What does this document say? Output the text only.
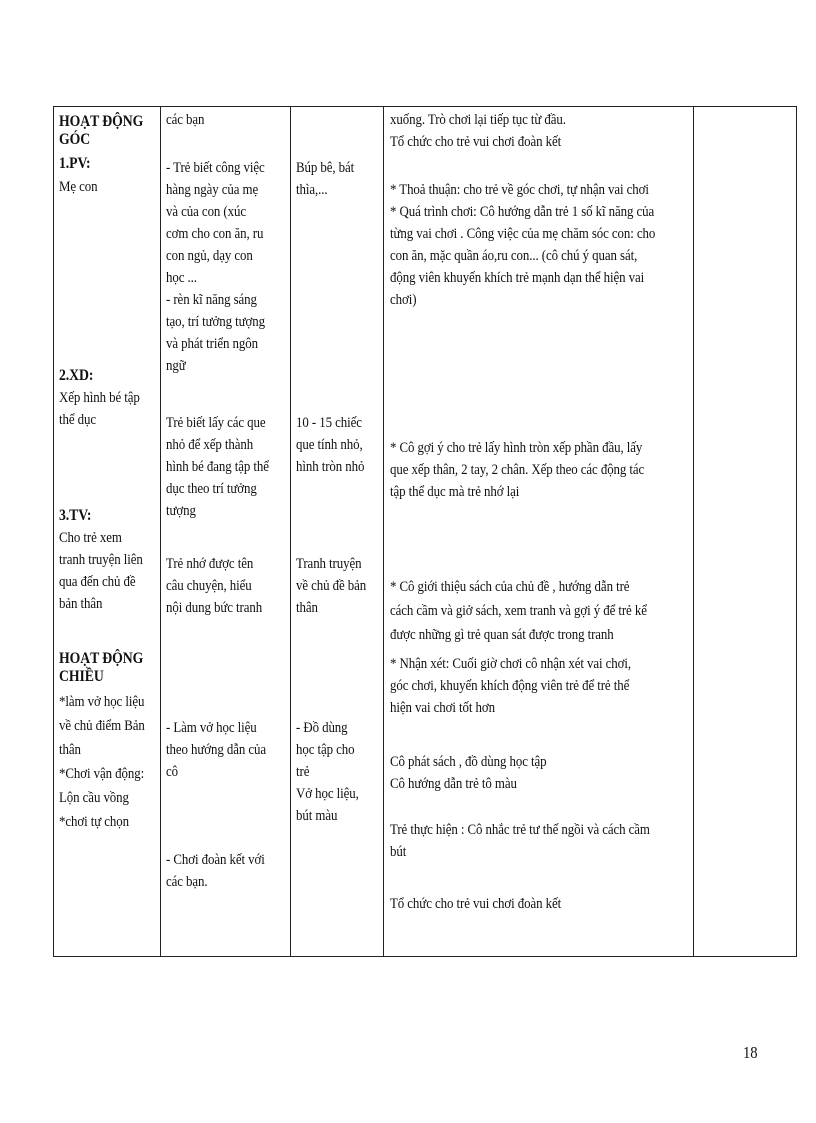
HOẠT ĐỘNG
GÓC
1.PV:
Mẹ con
2.XD:
Xếp hình bé tập
thể dục
3.TV:
Cho trẻ xem
tranh truyện liên
qua đến chủ đề
bản thân
HOẠT ĐỘNG
CHIỀU
*làm vở học liệu
về chủ điểm Bản
thân
*Chơi vận động:
Lộn cầu vồng
*chơi tự chọn
các bạn
- Trẻ biết công việc
hàng ngày của mẹ
và của con (xúc
cơm cho con ăn, ru
con ngủ, dạy con
học ...
- rèn kĩ năng sáng
tạo, trí tưởng tượng
và phát triển ngôn
ngữ
Trẻ biết lấy các que
nhỏ để xếp thành
hình bé đang tập thể
dục theo trí tưởng
tượng
Trẻ nhớ được tên
câu chuyện, hiểu
nội dung bức tranh
- Làm vở học liệu
theo hướng dẫn của
cô
- Chơi đoàn kết với
các bạn.
Búp bê, bát
thìa,...
10 - 15 chiếc
que tính nhỏ,
hình tròn nhỏ
Tranh truyện
về chủ đề bản
thân
- Đồ dùng
học tập cho
trẻ
Vở học liệu,
bút màu
xuống. Trò chơi lại tiếp tục từ đầu.
Tổ chức cho trẻ vui chơi đoàn kết
* Thoả thuận: cho trẻ về góc chơi, tự nhận vai chơi
* Quá trình chơi: Cô hướng dẫn trẻ 1 số kĩ năng của
từng vai chơi . Công việc của mẹ chăm sóc con: cho
con ăn, mặc quần áo,ru con... (cô chú ý quan sát,
động viên khuyến khích trẻ mạnh dạn thể hiện vai
chơi)
* Cô gợi ý cho trẻ lấy hình tròn xếp phần đầu, lấy
que xếp thân, 2 tay, 2 chân. Xếp theo các động tác
tập thể dục mà trẻ nhớ lại
* Cô giới thiệu sách của chủ đề , hướng dẫn trẻ
cách cầm và giở sách, xem tranh và gợi ý để trẻ kể
được những gì trẻ quan sát được trong tranh
* Nhận xét: Cuối giờ chơi cô nhận xét vai chơi,
góc chơi, khuyến khích động viên trẻ để trẻ thể
hiện vai chơi tốt hơn
Cô phát sách , đồ dùng học tập
Cô hướng dẫn trẻ tô màu
Trẻ thực hiện : Cô nhắc trẻ tư thế ngồi và cách cầm
bút
Tổ chức cho trẻ vui chơi đoàn kết
18
